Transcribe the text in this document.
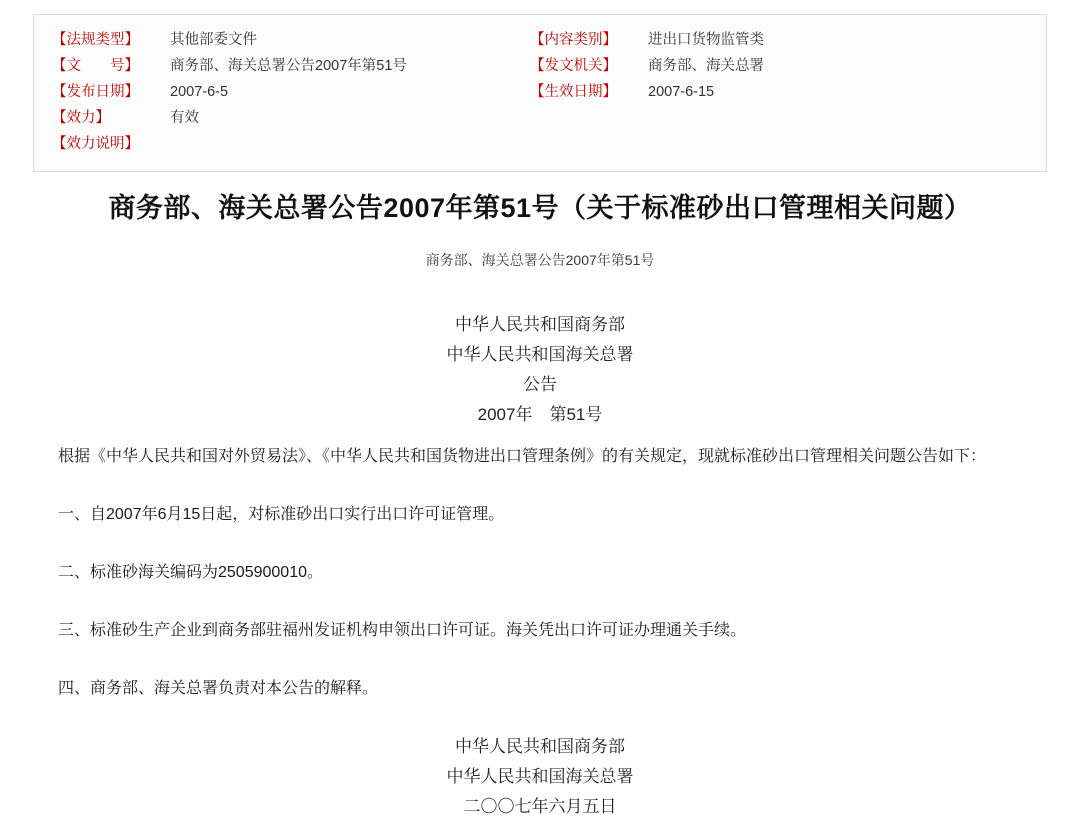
【法规类型】	其他部委文件	【内容类别】	进出口货物监管类
【文　　号】	商务部、海关总署公告2007年第51号	【发文机关】	商务部、海关总署
【发布日期】	2007-6-5	【生效日期】	2007-6-15
【效力】	有效		
【效力说明】			
商务部、海关总署公告2007年第51号（关于标准砂出口管理相关问题）
商务部、海关总署公告2007年第51号
中华人民共和国商务部
中华人民共和国海关总署
公告
2007年　第51号

根据《中华人民共和国对外贸易法》、《中华人民共和国货物进出口管理条例》的有关规定，现就标准砂出口管理相关问题公告如下：

一、自2007年6月15日起，对标准砂出口实行出口许可证管理。

二、标准砂海关编码为2505900010。

三、标准砂生产企业到商务部驻福州发证机构申领出口许可证。海关凭出口许可证办理通关手续。

四、商务部、海关总署负责对本公告的解释。

中华人民共和国商务部
中华人民共和国海关总署
二〇〇七年六月五日
